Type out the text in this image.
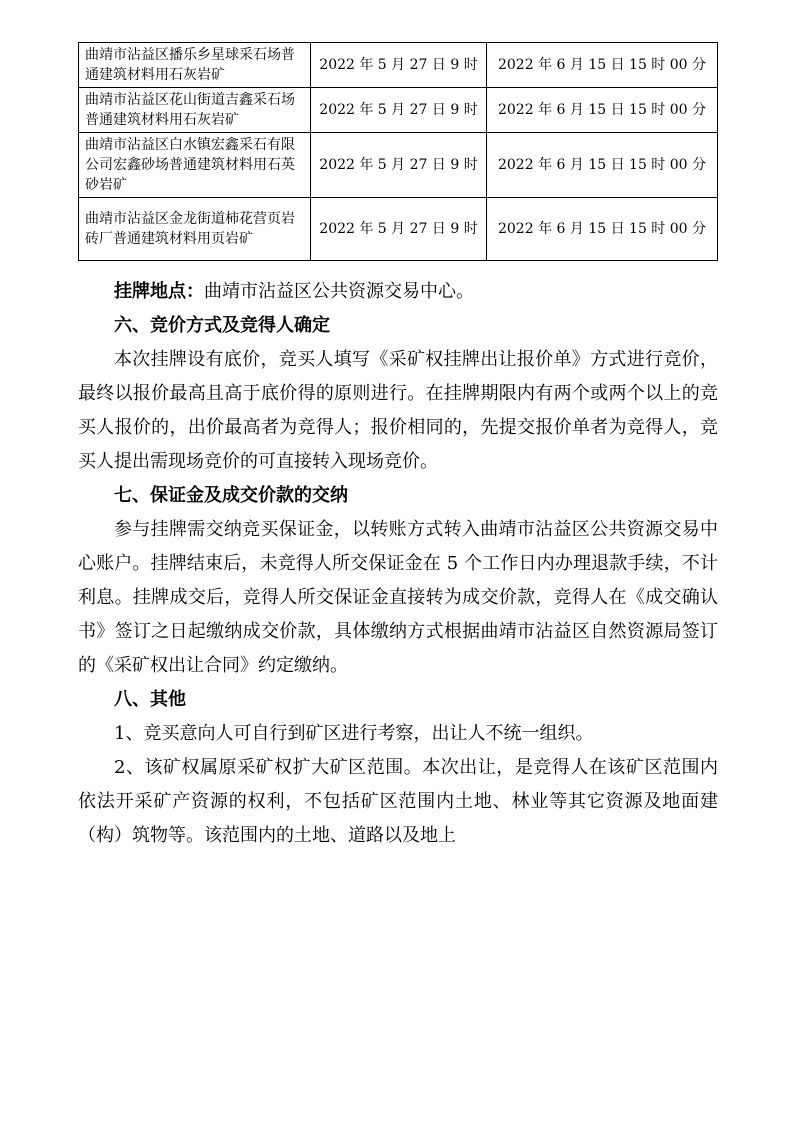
曲靖市沾益区播乐乡星球采石场普通建筑材料用石灰岩矿	2022 年 5 月 27 日 9 时	2022 年 6 月 15 日 15 时 00 分
曲靖市沾益区花山街道吉鑫采石场普通建筑材料用石灰岩矿	2022 年 5 月 27 日 9 时	2022 年 6 月 15 日 15 时 00 分
曲靖市沾益区白水镇宏鑫采石有限公司宏鑫砂场普通建筑材料用石英砂岩矿	2022 年 5 月 27 日 9 时	2022 年 6 月 15 日 15 时 00 分
曲靖市沾益区金龙街道柿花营页岩砖厂普通建筑材料用页岩矿	2022 年 5 月 27 日 9 时	2022 年 6 月 15 日 15 时 00 分

挂牌地点：曲靖市沾益区公共资源交易中心。

六、竞价方式及竞得人确定

本次挂牌设有底价，竞买人填写《采矿权挂牌出让报价单》方式进行竞价，最终以报价最高且高于底价得的原则进行。在挂牌期限内有两个或两个以上的竞买人报价的，出价最高者为竞得人；报价相同的，先提交报价单者为竞得人，竞买人提出需现场竞价的可直接转入现场竞价。

七、保证金及成交价款的交纳

参与挂牌需交纳竞买保证金，以转账方式转入曲靖市沾益区公共资源交易中心账户。挂牌结束后，未竞得人所交保证金在 5 个工作日内办理退款手续，不计利息。挂牌成交后，竞得人所交保证金直接转为成交价款，竞得人在《成交确认书》签订之日起缴纳成交价款，具体缴纳方式根据曲靖市沾益区自然资源局签订的《采矿权出让合同》约定缴纳。

八、其他

1、竞买意向人可自行到矿区进行考察，出让人不统一组织。

2、该矿权属原采矿权扩大矿区范围。本次出让，是竞得人在该矿区范围内依法开采矿产资源的权利，不包括矿区范围内土地、林业等其它资源及地面建（构）筑物等。该范围内的土地、道路以及地上
